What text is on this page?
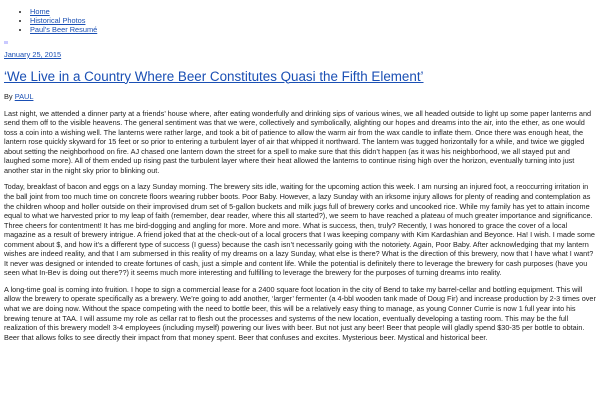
• Home
• Historical Photos
• Paul’s Beer Resumé
January 25, 2015
‘We Live in a Country Where Beer Constitutes Quasi the Fifth Element’
By PAUL

Last night, we attended a dinner party at a friends’ house where, after eating wonderfully and drinking sips of various wines, we all headed outside to light up some paper lanterns and send them off to the visible heavens. The general sentiment was that we were, collectively and symbolically, alighting our hopes and dreams into the air, into the ether, as one would toss a coin into a wishing well. The lanterns were rather large, and took a bit of patience to allow the warm air from the wax candle to inflate them. Once there was enough heat, the lantern rose quickly skyward for 15 feet or so prior to entering a turbulent layer of air that whipped it northward. The lantern was tugged horizontally for a while, and twice we giggled about setting the neighborhood on fire. AJ chased one lantern down the street for a spell to make sure that this didn’t happen (as it was his neighborhood, we all stayed put and laughed some more). All of them ended up rising past the turbulent layer where their heat allowed the lanterns to continue rising high over the horizon, eventually turning into just another star in the night sky prior to blinking out.

Today, breakfast of bacon and eggs on a lazy Sunday morning. The brewery sits idle, waiting for the upcoming action this week. I am nursing an injured foot, a reoccurring irritation in the ball joint from too much time on concrete floors wearing rubber boots. Poor Baby. However, a lazy Sunday with an irksome injury allows for plenty of reading and contemplation as the children whoop and holler outside on their improvised drum set of 5-gallon buckets and milk jugs full of brewery corks and uncooked rice. While my family has yet to attain income equal to what we harvested prior to my leap of faith (remember, dear reader, where this all started?), we seem to have reached a plateau of much greater importance and significance. Three cheers for contentment! It has me bird-dogging and angling for more. More and more. What is success, then, truly? Recently, I was honored to grace the cover of a local magazine as a result of brewery intrigue. A friend joked that at the check-out of a local grocers that I was keeping company with Kim Kardashian and Beyonce. Ha! I wish. I made some comment about $, and how it’s a different type of success (I guess) because the cash isn’t necessarily going with the notoriety. Again, Poor Baby. After acknowledging that my lantern wishes are indeed reality, and that I am submersed in this reality of my dreams on a lazy Sunday, what else is there? What is the direction of this brewery, now that I have what I want? It never was designed or intended to create fortunes of cash, just a simple and content life. While the potential is definitely there to leverage the brewery for cash purposes (have you seen what In-Bev is doing out there??) it seems much more interesting and fulfilling to leverage the brewery for the purposes of turning dreams into reality.

A long-time goal is coming into fruition. I hope to sign a commercial lease for a 2400 square foot location in the city of Bend to take my barrel-cellar and bottling equipment. This will allow the brewery to operate specifically as a brewery. We’re going to add another, ‘larger’ fermenter (a 4-bbl wooden tank made of Doug Fir) and increase production by 2-3 times over what we are doing now. Without the space competing with the need to bottle beer, this will be a relatively easy thing to manage, as young Conner Currie is now 1 full year into his brewing tenure at TAA. I will assume my role as cellar rat to flesh out the processes and systems of the new location, eventually developing a tasting room. This may be the full realization of this brewery model! 3-4 employees (including myself) powering our lives with beer. But not just any beer! Beer that people will gladly spend $30-35 per bottle to obtain. Beer that allows folks to see directly their impact from that money spent. Beer that confuses and excites. Mysterious beer. Mystical and historical beer.
